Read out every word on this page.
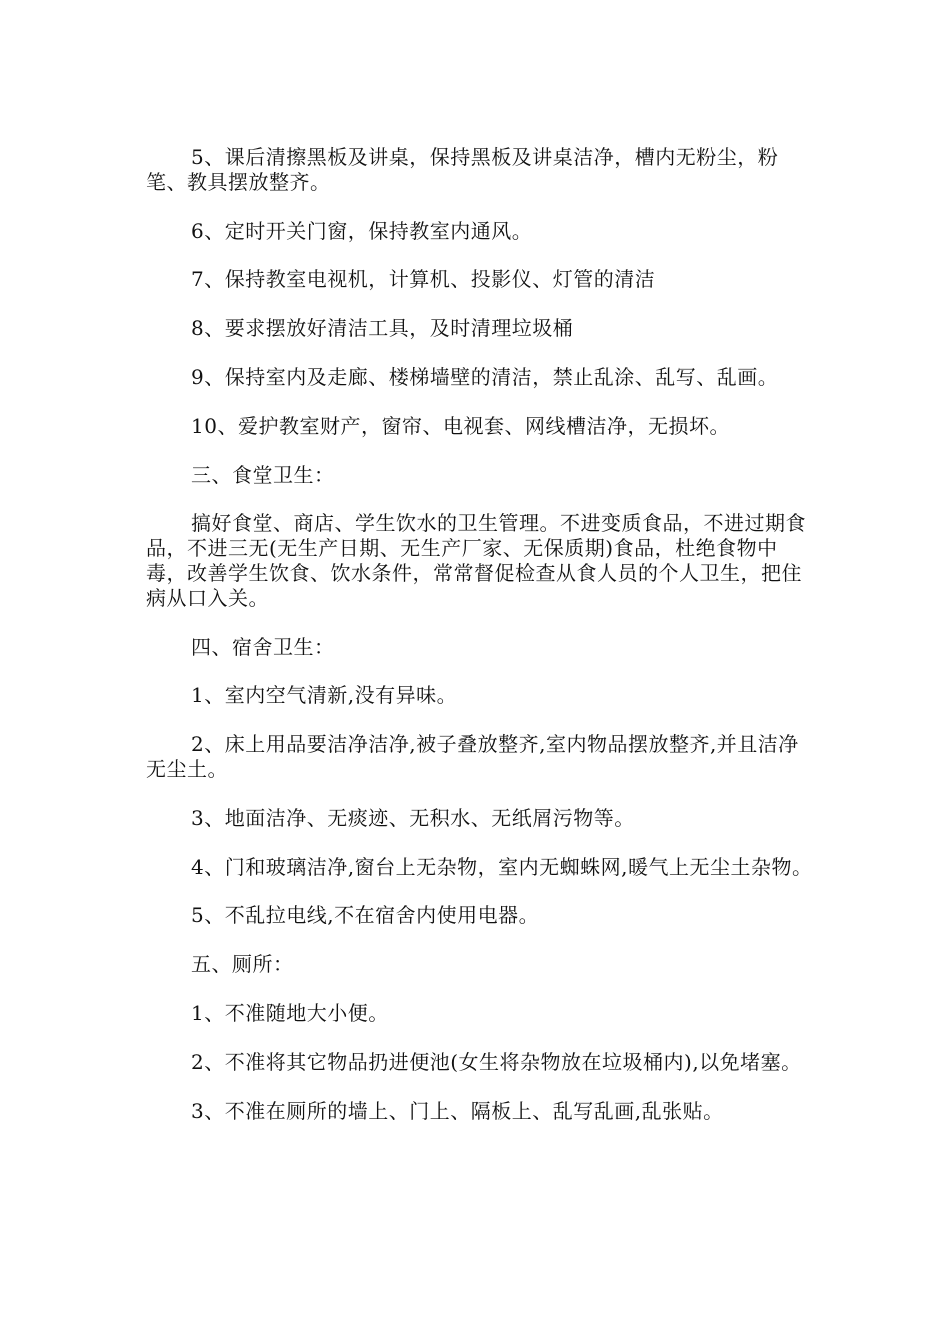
5、课后清擦黑板及讲桌，保持黑板及讲桌洁净，槽内无粉尘，粉笔、教具摆放整齐。

6、定时开关门窗，保持教室内通风。

7、保持教室电视机，计算机、投影仪、灯管的清洁

8、要求摆放好清洁工具，及时清理垃圾桶

9、保持室内及走廊、楼梯墙壁的清洁，禁止乱涂、乱写、乱画。

10、爱护教室财产，窗帘、电视套、网线槽洁净，无损坏。

三、食堂卫生：

搞好食堂、商店、学生饮水的卫生管理。不进变质食品，不进过期食品，不进三无(无生产日期、无生产厂家、无保质期)食品，杜绝食物中毒，改善学生饮食、饮水条件，常常督促检查从食人员的个人卫生，把住病从口入关。

四、宿舍卫生：

1、室内空气清新,没有异味。

2、床上用品要洁净洁净,被子叠放整齐,室内物品摆放整齐,并且洁净无尘土。

3、地面洁净、无痰迹、无积水、无纸屑污物等。

4、门和玻璃洁净,窗台上无杂物，室内无蜘蛛网,暖气上无尘土杂物。

5、不乱拉电线,不在宿舍内使用电器。

五、厕所：

1、不准随地大小便。

2、不准将其它物品扔进便池(女生将杂物放在垃圾桶内),以免堵塞。

3、不准在厕所的墙上、门上、隔板上、乱写乱画,乱张贴。
